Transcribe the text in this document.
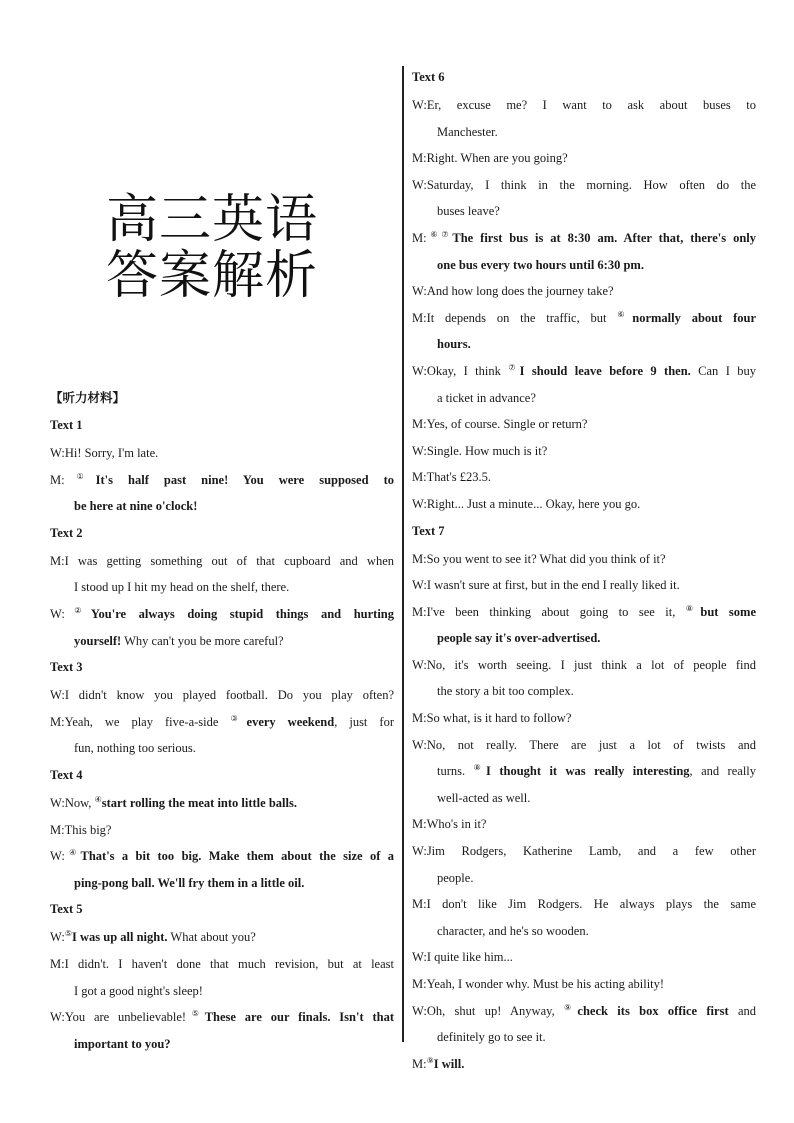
高三英语
答案解析
【听力材料】
Text 1
W:Hi! Sorry, I'm late.
M:①It's half past nine! You were supposed to
be here at nine o'clock!
Text 2
M:I was getting something out of that cupboard and when
I stood up I hit my head on the shelf, there.
W:②You're always doing stupid things and hurting
yourself! Why can't you be more careful?
Text 3
W:I didn't know you played football. Do you play often?
M:Yeah, we play five-a-side ③every weekend, just for
fun, nothing too serious.
Text 4
W:Now, ④start rolling the meat into little balls.
M:This big?
W:④That's a bit too big. Make them about the size of a
ping-pong ball. We'll fry them in a little oil.
Text 5
W:⑤I was up all night. What about you?
M:I didn't. I haven't done that much revision, but at least
I got a good night's sleep!
W:You are unbelievable!⑤These are our finals. Isn't that
important to you?
Text 6
W:Er, excuse me? I want to ask about buses to
Manchester.
M:Right. When are you going?
W:Saturday, I think in the morning. How often do the
buses leave?
M:⑥⑦The first bus is at 8:30 am. After that, there's only
one bus every two hours until 6:30 pm.
W:And how long does the journey take?
M:It depends on the traffic, but ⑥normally about four
hours.
W:Okay, I think ⑦I should leave before 9 then. Can I buy
a ticket in advance?
M:Yes, of course. Single or return?
W:Single. How much is it?
M:That's £23.5.
W:Right... Just a minute... Okay, here you go.
Text 7
M:So you went to see it? What did you think of it?
W:I wasn't sure at first, but in the end I really liked it.
M:I've been thinking about going to see it, ⑧but some
people say it's over-advertised.
W:No, it's worth seeing. I just think a lot of people find
the story a bit too complex.
M:So what, is it hard to follow?
W:No, not really. There are just a lot of twists and
turns. ⑧I thought it was really interesting, and really
well-acted as well.
M:Who's in it?
W:Jim Rodgers, Katherine Lamb, and a few other
people.
M:I don't like Jim Rodgers. He always plays the same
character, and he's so wooden.
W:I quite like him...
M:Yeah, I wonder why. Must be his acting ability!
W:Oh, shut up! Anyway, ⑨check its box office first and
definitely go to see it.
M:⑨I will.
